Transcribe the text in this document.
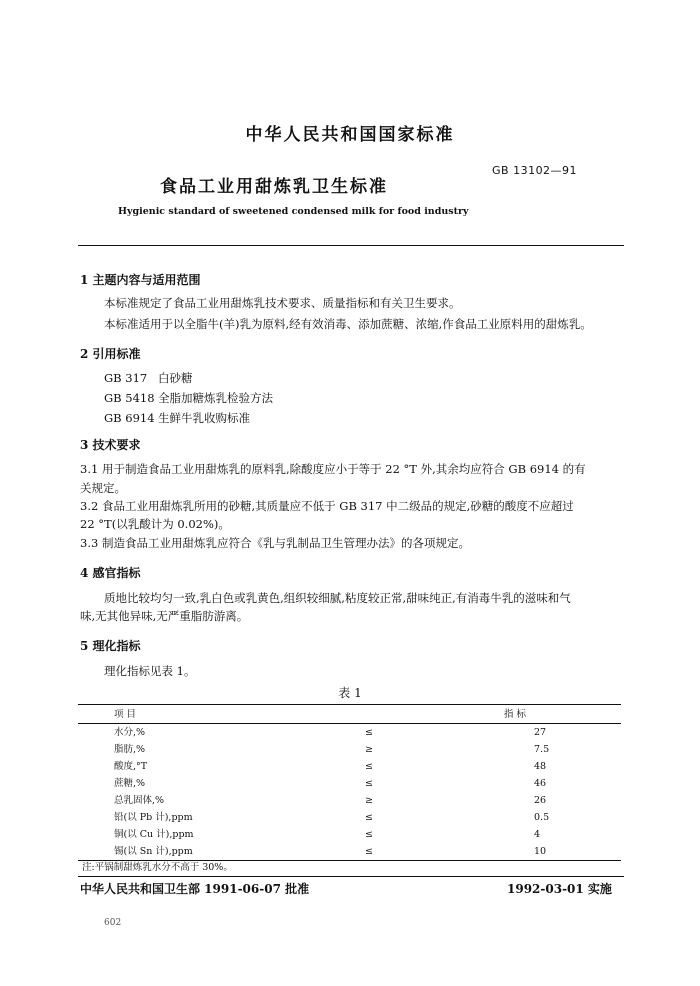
中华人民共和国国家标准
食品工业用甜炼乳卫生标准
GB 13102—91
Hygienic standard of sweetened condensed milk for food industry
1 主题内容与适用范围
本标准规定了食品工业用甜炼乳技术要求、质量指标和有关卫生要求。
本标准适用于以全脂牛(羊)乳为原料,经有效消毒、添加蔗糖、浓缩,作食品工业原料用的甜炼乳。
2 引用标准
GB 317 白砂糖
GB 5418 全脂加糖炼乳检验方法
GB 6914 生鲜牛乳收购标准
3 技术要求
3.1 用于制造食品工业用甜炼乳的原料乳,除酸度应小于等于 22 °T 外,其余均应符合 GB 6914 的有
关规定。
3.2 食品工业用甜炼乳所用的砂糖,其质量应不低于 GB 317 中二级品的规定,砂糖的酸度不应超过
22 °T(以乳酸计为 0.02%)。
3.3 制造食品工业用甜炼乳应符合《乳与乳制品卫生管理办法》的各项规定。
4 感官指标
质地比较均匀一致,乳白色或乳黄色,组织较细腻,粘度较正常,甜味纯正,有消毒牛乳的滋味和气
味,无其他异味,无严重脂肪游离。
5 理化指标
理化指标见表 1。
表 1
项 目		指 标
水分,%	≤	27
脂肪,%	≥	7.5
酸度,°T	≤	48
蔗糖,%	≤	46
总乳固体,%	≥	26
铅(以 Pb 计),ppm	≤	0.5
铜(以 Cu 计),ppm	≤	4
锡(以 Sn 计),ppm	≤	10
注:平锅制甜炼乳水分不高于 30%。
中华人民共和国卫生部 1991-06-07 批准	1992-03-01 实施
602
